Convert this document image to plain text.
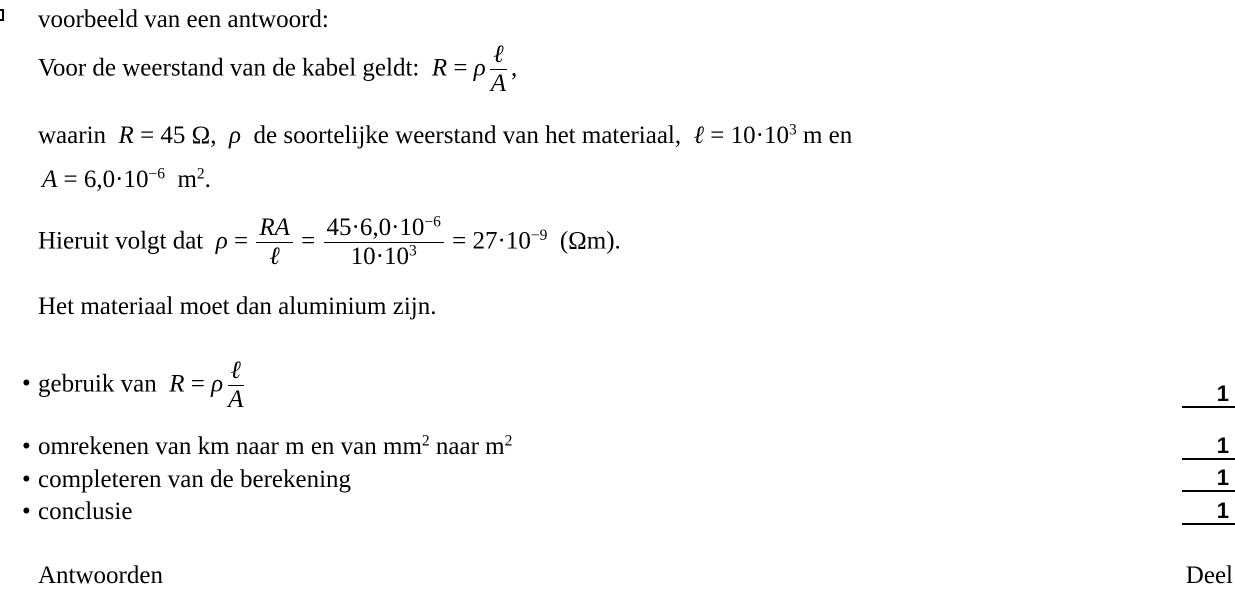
voorbeeld van een antwoord:
Voor de weerstand van de kabel geldt:  R = ρ $\frac{\text{ℓ}}{A}$ ,
waarin R = 45 Ω, ρ de soortelijke weerstand van het materiaal, ℓ = $10\cdot 10^3$ m en
$A = 6,0\cdot 10^{-6}$ $m^2$.
Hieruit volgt dat $\rho = \frac{RA}{\text{ℓ}} = \frac{45\cdot 6,0\cdot 10^{-6}}{10\cdot 10^3} = 27\cdot 10^{-9}$ (Ωm).
Het materiaal moet dan aluminium zijn.
• gebruik van R = ρ $\frac{\text{ℓ}}{A}$	1
• omrekenen van km naar m en van $mm^2$ naar $m^2$	1
• completeren van de berekening	1
• conclusie	1
Antwoorden	Deel
